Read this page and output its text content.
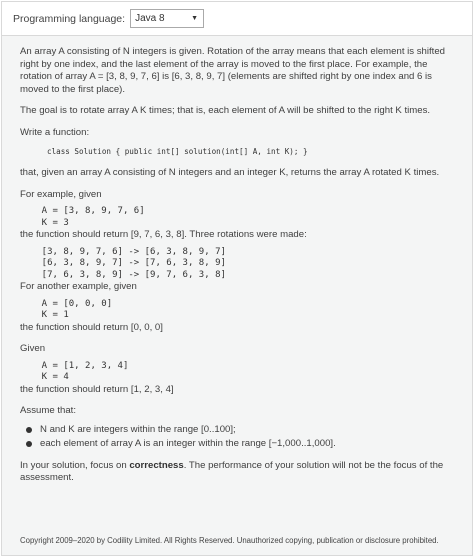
Programming language: Java 8	▼

An array A consisting of N integers is given. Rotation of the array means that each element is shifted right by one index, and the last element of the array is moved to the first place. For example, the rotation of array A = [3, 8, 9, 7, 6] is [6, 3, 8, 9, 7] (elements are shifted right by one index and 6 is moved to the first place).

The goal is to rotate array A K times; that is, each element of A will be shifted to the right K times.

Write a function:

class Solution { public int[] solution(int[] A, int K); }

that, given an array A consisting of N integers and an integer K, returns the array A rotated K times.

For example, given

A = [3, 8, 9, 7, 6]
K = 3

the function should return [9, 7, 6, 3, 8]. Three rotations were made:

[3, 8, 9, 7, 6] -> [6, 3, 8, 9, 7]
[6, 3, 8, 9, 7] -> [7, 6, 3, 8, 9]
[7, 6, 3, 8, 9] -> [9, 7, 6, 3, 8]

For another example, given

A = [0, 0, 0]
K = 1

the function should return [0, 0, 0]

Given

A = [1, 2, 3, 4]
K = 4

the function should return [1, 2, 3, 4]

Assume that:

N and K are integers within the range [0..100];
each element of array A is an integer within the range [−1,000..1,000].

In your solution, focus on correctness. The performance of your solution will not be the focus of the assessment.

Copyright 2009–2020 by Codility Limited. All Rights Reserved. Unauthorized copying, publication or disclosure prohibited.
